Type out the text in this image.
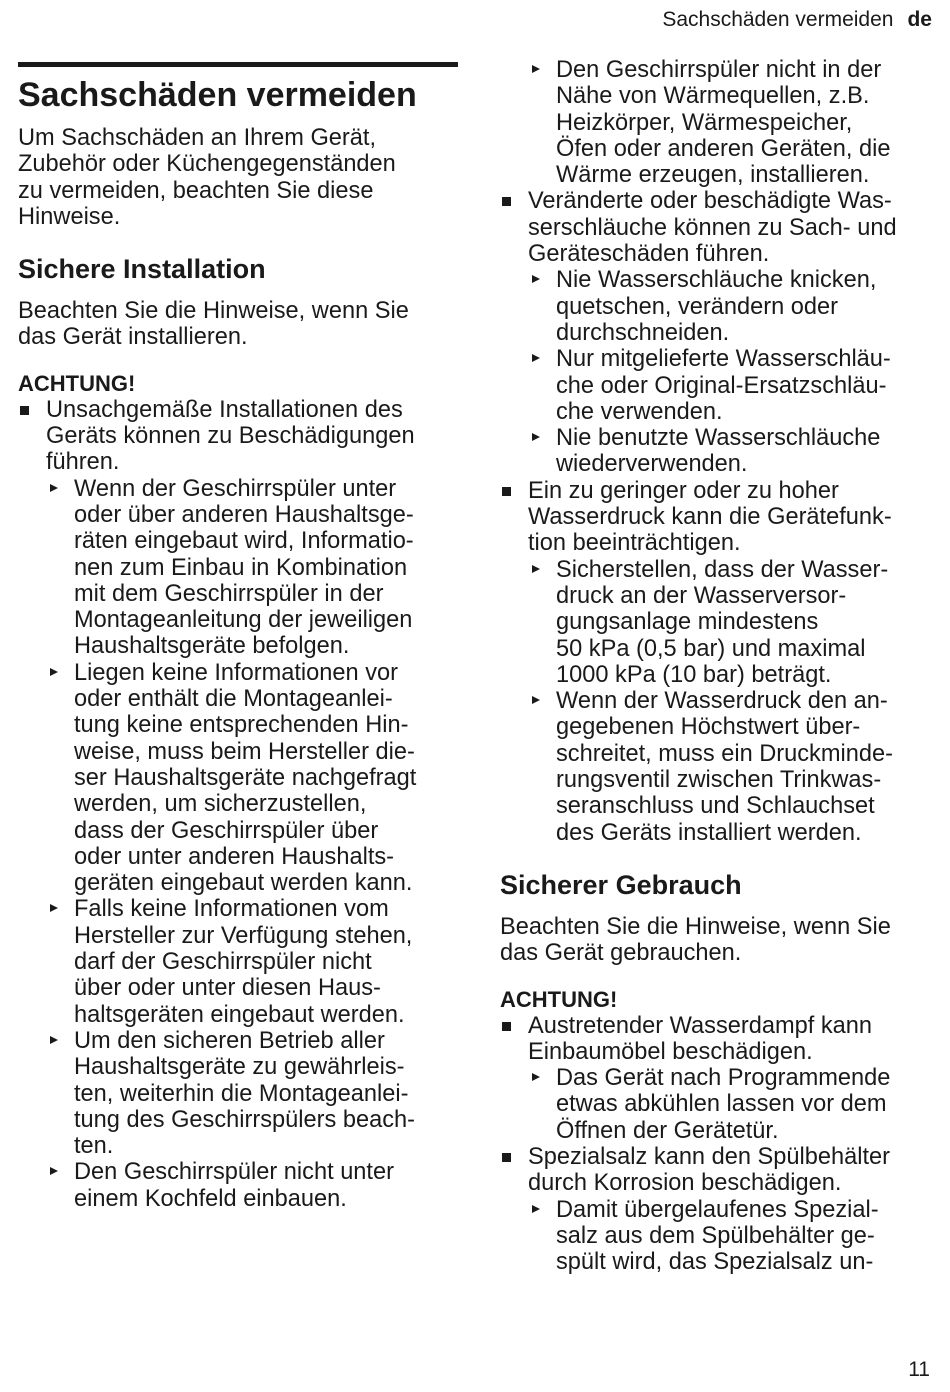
Sachschäden vermeiden de
Sachschäden vermeiden
Um Sachschäden an Ihrem Gerät,
Zubehör oder Küchengegenständen
zu vermeiden, beachten Sie diese
Hinweise.
Sichere Installation
Beachten Sie die Hinweise, wenn Sie
das Gerät installieren.
ACHTUNG!
Unsachgemäße Installationen des
Geräts können zu Beschädigungen
führen.
Wenn der Geschirrspüler unter
oder über anderen Haushaltsge-
räten eingebaut wird, Informatio-
nen zum Einbau in Kombination
mit dem Geschirrspüler in der
Montageanleitung der jeweiligen
Haushaltsgeräte befolgen.
Liegen keine Informationen vor
oder enthält die Montageanlei-
tung keine entsprechenden Hin-
weise, muss beim Hersteller die-
ser Haushaltsgeräte nachgefragt
werden, um sicherzustellen,
dass der Geschirrspüler über
oder unter anderen Haushalts-
geräten eingebaut werden kann.
Falls keine Informationen vom
Hersteller zur Verfügung stehen,
darf der Geschirrspüler nicht
über oder unter diesen Haus-
haltsgeräten eingebaut werden.
Um den sicheren Betrieb aller
Haushaltsgeräte zu gewährleis-
ten, weiterhin die Montageanlei-
tung des Geschirrspülers beach-
ten.
Den Geschirrspüler nicht unter
einem Kochfeld einbauen.
Den Geschirrspüler nicht in der
Nähe von Wärmequellen, z.B.
Heizkörper, Wärmespeicher,
Öfen oder anderen Geräten, die
Wärme erzeugen, installieren.
Veränderte oder beschädigte Was-
serschläuche können zu Sach- und
Geräteschäden führen.
Nie Wasserschläuche knicken,
quetschen, verändern oder
durchschneiden.
Nur mitgelieferte Wasserschläu-
che oder Original-Ersatzschläu-
che verwenden.
Nie benutzte Wasserschläuche
wiederverwenden.
Ein zu geringer oder zu hoher
Wasserdruck kann die Gerätefunk-
tion beeinträchtigen.
Sicherstellen, dass der Wasser-
druck an der Wasserversor-
gungsanlage mindestens
50 kPa (0,5 bar) und maximal
1000 kPa (10 bar) beträgt.
Wenn der Wasserdruck den an-
gegebenen Höchstwert über-
schreitet, muss ein Druckminde-
rungsventil zwischen Trinkwas-
seranschluss und Schlauchset
des Geräts installiert werden.
Sicherer Gebrauch
Beachten Sie die Hinweise, wenn Sie
das Gerät gebrauchen.
ACHTUNG!
Austretender Wasserdampf kann
Einbaumöbel beschädigen.
Das Gerät nach Programmende
etwas abkühlen lassen vor dem
Öffnen der Gerätetür.
Spezialsalz kann den Spülbehälter
durch Korrosion beschädigen.
Damit übergelaufenes Spezial-
salz aus dem Spülbehälter ge-
spült wird, das Spezialsalz un-
11
